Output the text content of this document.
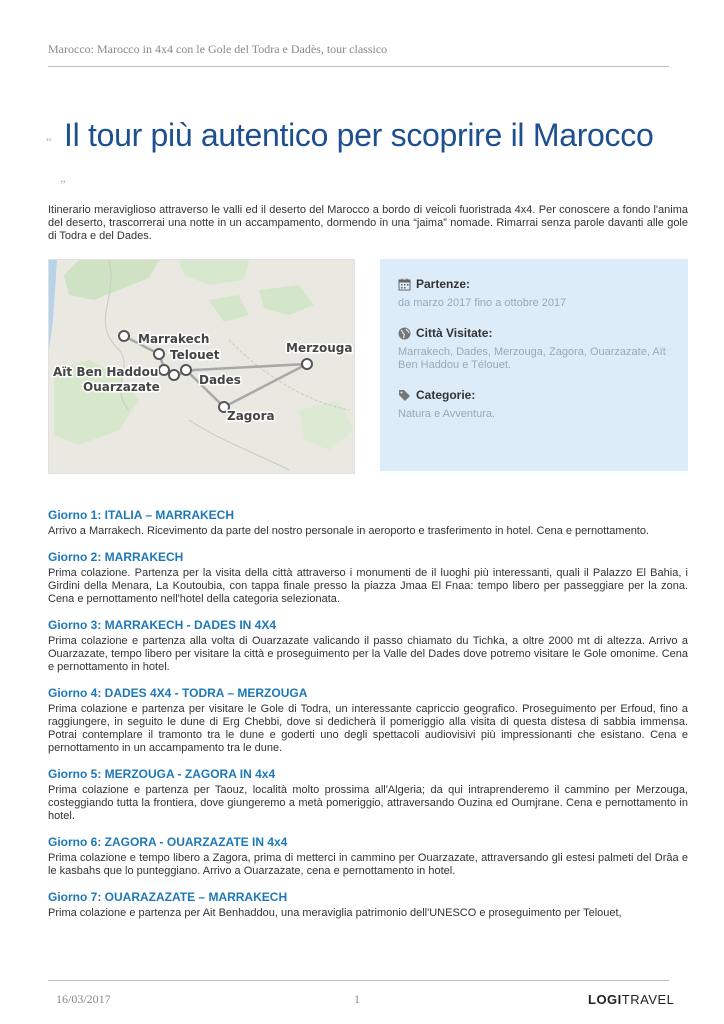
Marocco: Marocco in 4x4 con le Gole del Todra e Dadès, tour classico
“ Il tour più autentico per scoprire il Marocco
”

Itinerario meraviglioso attraverso le valli ed il deserto del Marocco a bordo di veicoli fuoristrada 4x4. Per conoscere a fondo l'anima del deserto, trascorrerai una notte in un accampamento, dormendo in una “jaima” nomade. Rimarrai senza parole davanti alle gole di Todra e del Dades.

Marrakech
Telouet
Aït Ben Haddou
Ouarzazate	Dades
Merzouga
Zagora
Partenze:
da marzo 2017 fino a ottobre 2017
Città Visitate:
Marrakech, Dades, Merzouga, Zagora, Ouarzazate, Aït Ben Haddou e Télouet.
Categorie:
Natura e Avventura.
Giorno 1: ITALIA – MARRAKECH
Arrivo a Marrakech. Ricevimento da parte del nostro personale in aeroporto e trasferimento in hotel. Cena e pernottamento.
Giorno 2: MARRAKECH
Prima colazione. Partenza per la visita della città attraverso i monumenti de il luoghi più interessanti, quali il Palazzo El Bahia, i Girdini della Menara, La Koutoubia, con tappa finale presso la piazza Jmaa El Fnaa: tempo libero per passeggiare per la zona. Cena e pernottamento nell'hotel della categoria selezionata.
Giorno 3: MARRAKECH - DADES IN 4X4
Prima colazione e partenza alla volta di Ouarzazate valicando il passo chiamato du Tichka, a oltre 2000 mt di altezza. Arrivo a Ouarzazate, tempo libero per visitare la città e proseguimento per la Valle del Dades dove potremo visitare le Gole omonime. Cena e pernottamento in hotel.
Giorno 4: DADES 4X4 - TODRA – MERZOUGA
Prima colazione e partenza per visitare le Gole di Todra, un interessante capriccio geografico. Proseguimento per Erfoud, fino a raggiungere, in seguito le dune di Erg Chebbi, dove si dedicherà il pomeriggio alla visita di questa distesa di sabbia immensa. Potrai contemplare il tramonto tra le dune e goderti uno degli spettacoli audiovisivi più impressionanti che esistano. Cena e pernottamento in un accampamento tra le dune.
Giorno 5: MERZOUGA - ZAGORA IN 4x4
Prima colazione e partenza per Taouz, località molto prossima all'Algeria; da qui intraprenderemo il cammino per Merzouga, costeggiando tutta la frontiera, dove giungeremo a metà pomeriggio, attraversando Ouzina ed Oumjrane. Cena e pernottamento in hotel.
Giorno 6: ZAGORA - OUARZAZATE IN 4x4
Prima colazione e tempo libero a Zagora, prima di metterci in cammino per Ouarzazate, attraversando gli estesi palmeti del Drâa e le kasbahs que lo punteggiano. Arrivo a Ouarzazate, cena e pernottamento in hotel.
Giorno 7: OUARAZAZATE – MARRAKECH
Prima colazione e partenza per Ait Benhaddou, una meraviglia patrimonio dell'UNESCO e proseguimento per Telouet,
16/03/2017	1	LOGITRAVEL
